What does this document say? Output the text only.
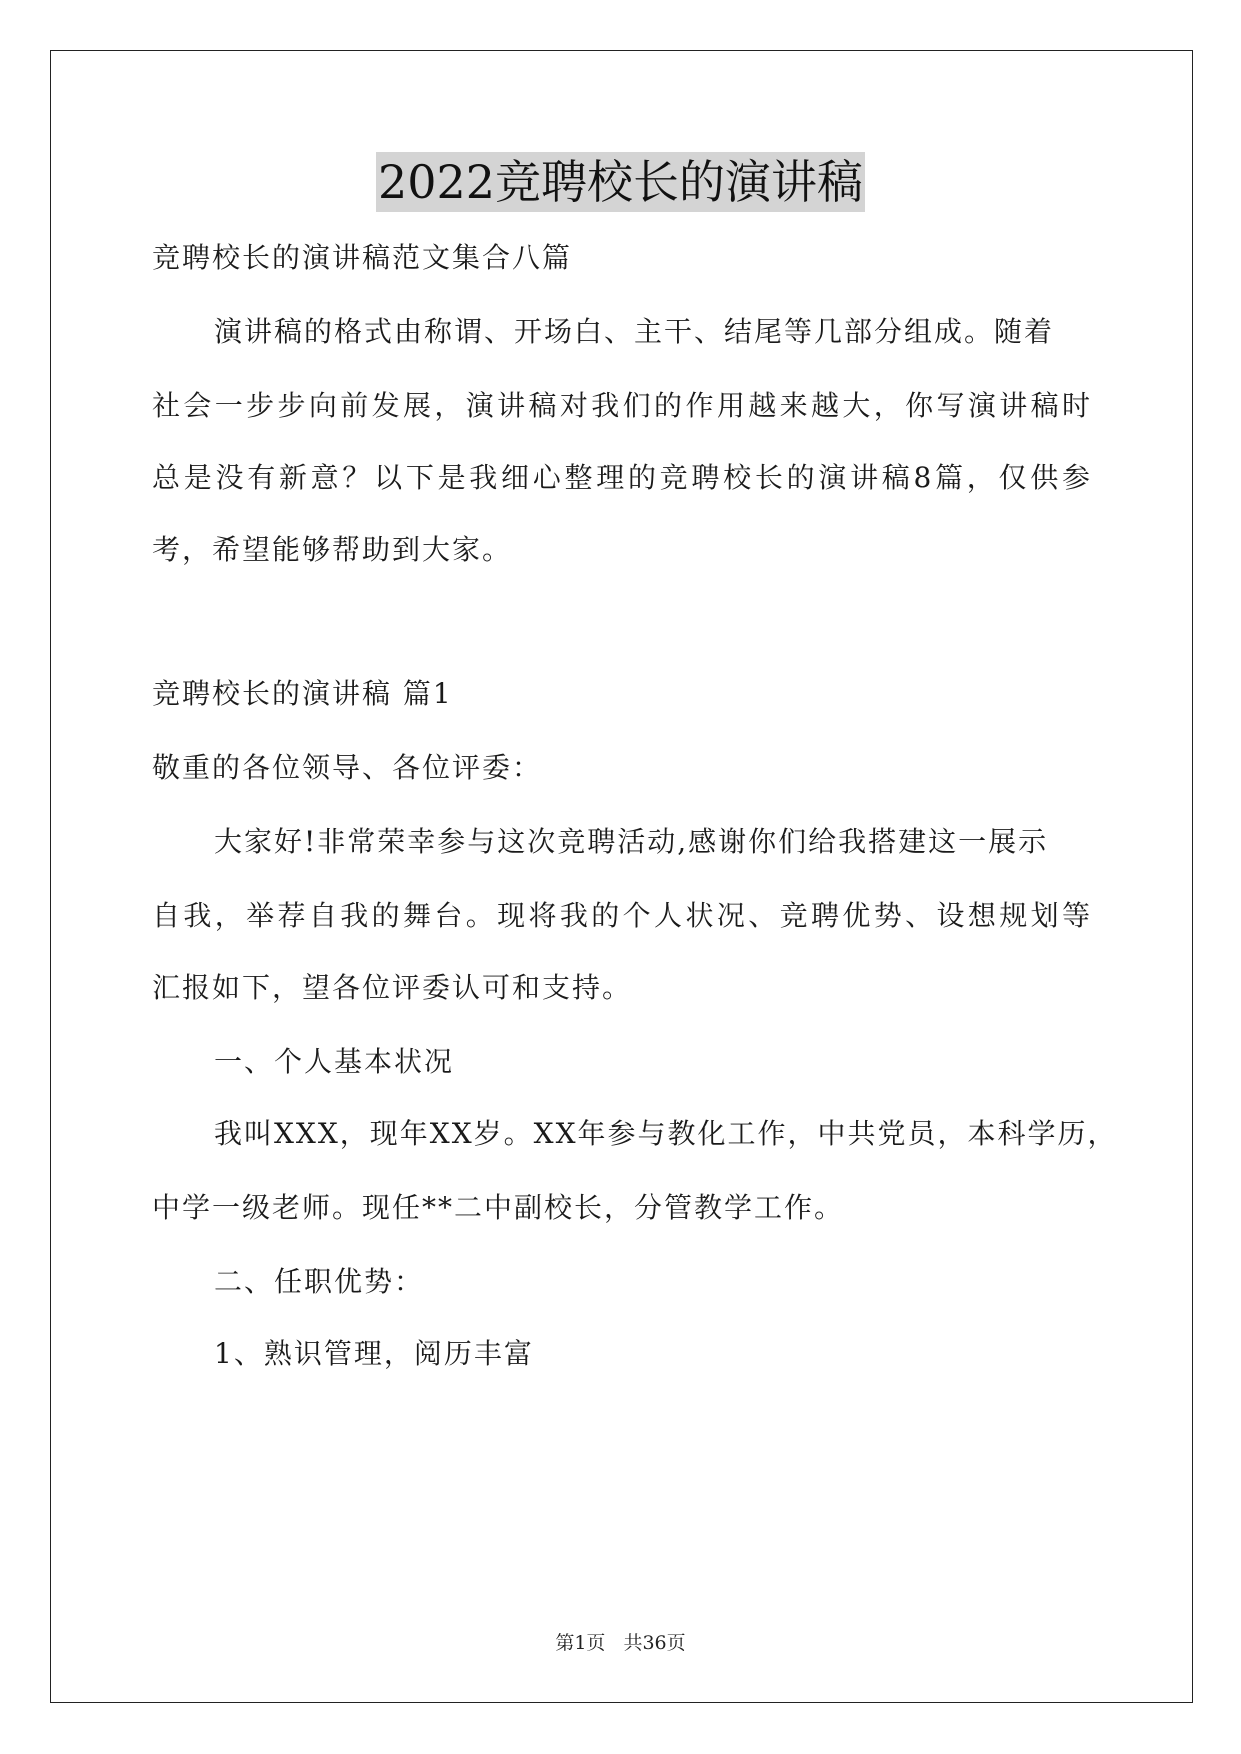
2022竞聘校长的演讲稿
竞聘校长的演讲稿范文集合八篇
演讲稿的格式由称谓、开场白、主干、结尾等几部分组成。随着
社会一步步向前发展，演讲稿对我们的作用越来越大，你写演讲稿时
总是没有新意？以下是我细心整理的竞聘校长的演讲稿8篇，仅供参
考，希望能够帮助到大家。
竞聘校长的演讲稿 篇1
敬重的各位领导、各位评委：
大家好!非常荣幸参与这次竞聘活动,感谢你们给我搭建这一展示
自我，举荐自我的舞台。现将我的个人状况、竞聘优势、设想规划等
汇报如下，望各位评委认可和支持。
一、个人基本状况
我叫XXX，现年XX岁。XX年参与教化工作，中共党员，本科学历，
中学一级老师。现任**二中副校长，分管教学工作。
二、任职优势：
1、熟识管理，阅历丰富
第1页 共36页
